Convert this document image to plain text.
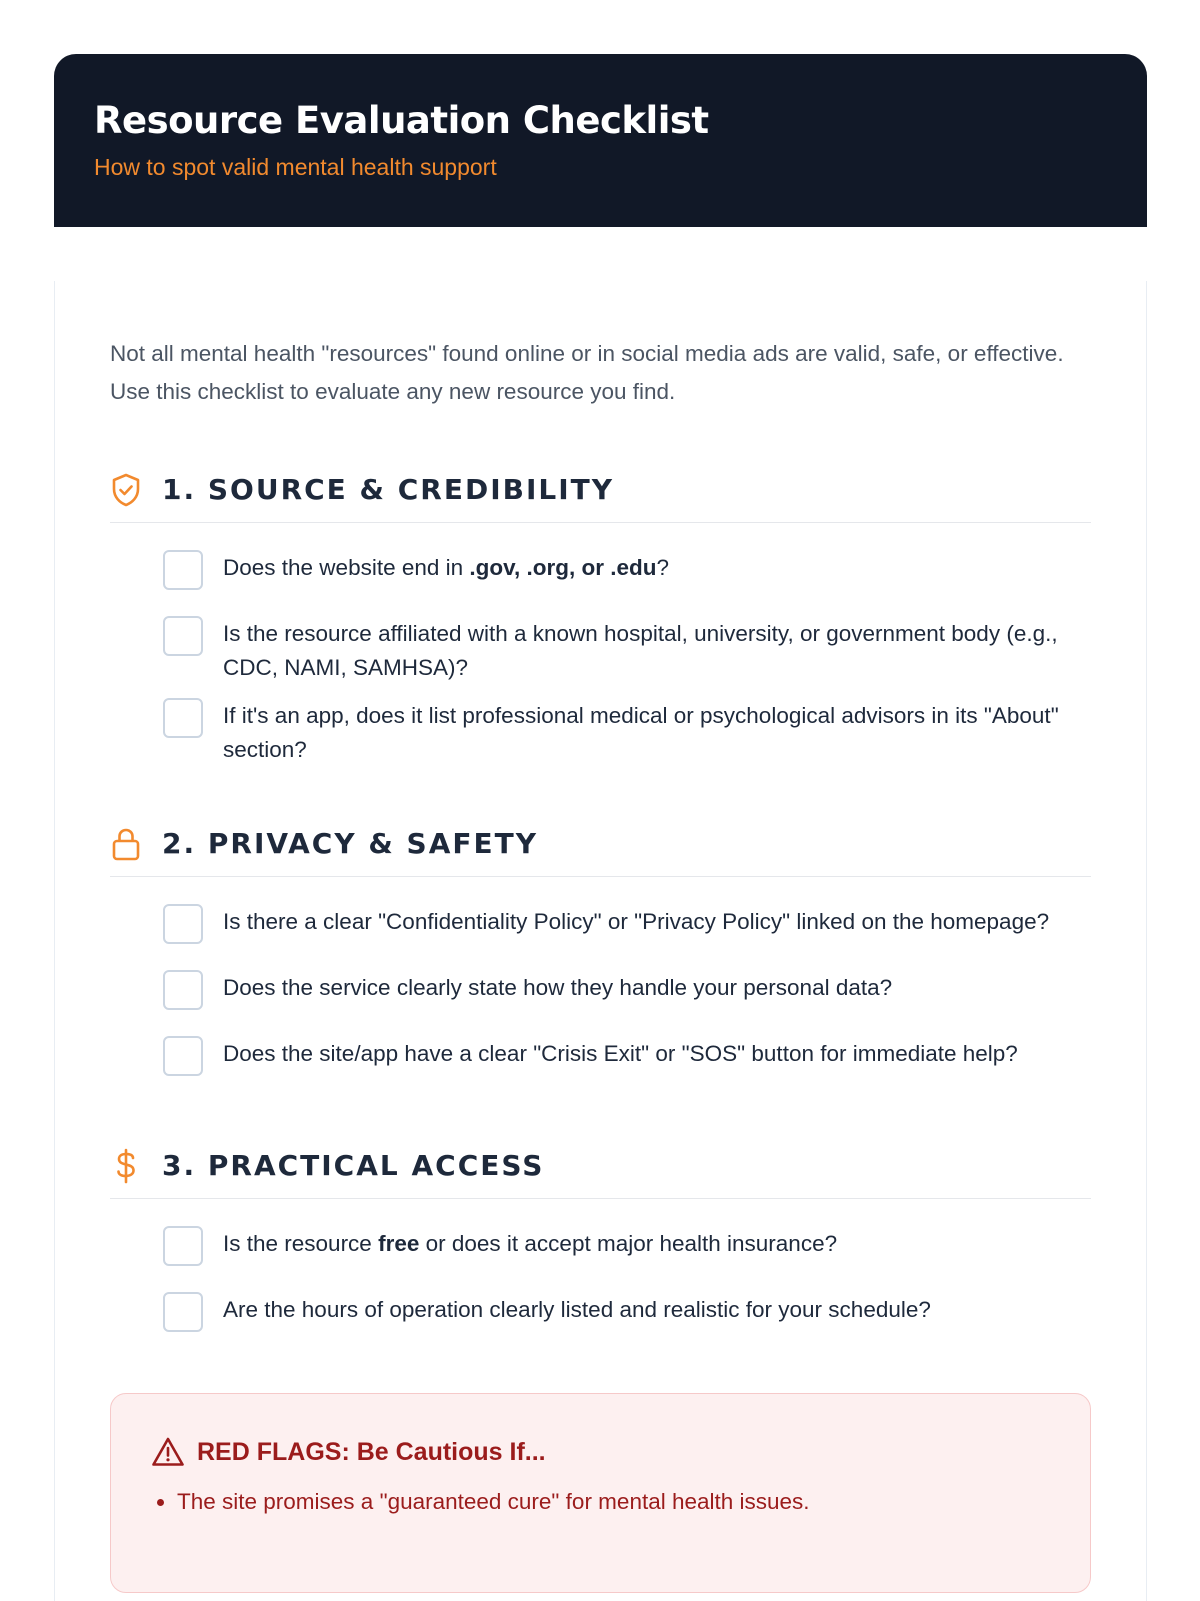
Resource Evaluation Checklist
How to spot valid mental health support

Not all mental health "resources" found online or in social media ads are valid, safe, or effective. Use this checklist to evaluate any new resource you find.

1. SOURCE & CREDIBILITY
Does the website end in .gov, .org, or .edu?
Is the resource affiliated with a known hospital, university, or government body (e.g., CDC, NAMI, SAMHSA)?
If it's an app, does it list professional medical or psychological advisors in its "About" section?
2. PRIVACY & SAFETY
Is there a clear "Confidentiality Policy" or "Privacy Policy" linked on the homepage?
Does the service clearly state how they handle your personal data?
Does the site/app have a clear "Crisis Exit" or "SOS" button for immediate help?
3. PRACTICAL ACCESS
Is the resource free or does it accept major health insurance?
Are the hours of operation clearly listed and realistic for your schedule?
RED FLAGS: Be Cautious If...
• The site promises a "guaranteed cure" for mental health issues.
